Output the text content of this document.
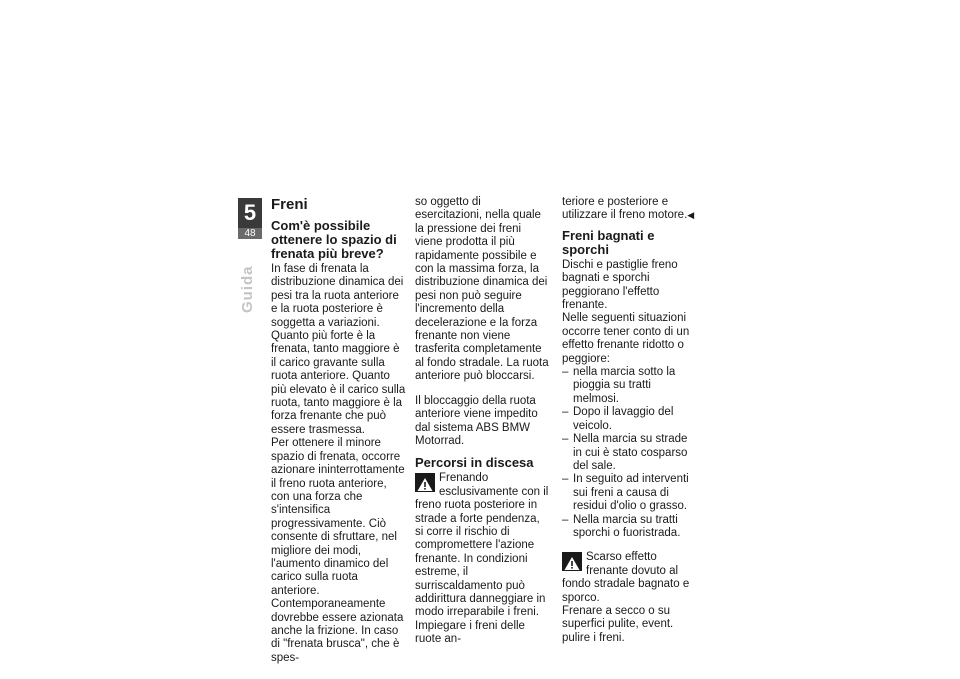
5
48
Guida
Freni
Com'è possibile ottenere lo spazio di frenata più breve?

In fase di frenata la distribuzione dinamica dei pesi tra la ruota anteriore e la ruota posteriore è soggetta a variazioni. Quanto più forte è la frenata, tanto maggiore è il carico gravante sulla ruota anteriore. Quanto più elevato è il carico sulla ruota, tanto maggiore è la forza frenante che può essere trasmessa.

Per ottenere il minore spazio di frenata, occorre azionare ininterrottamente il freno ruota anteriore, con una forza che s'intensifica progressivamente. Ciò consente di sfruttare, nel migliore dei modi, l'aumento dinamico del carico sulla ruota anteriore. Contemporaneamente dovrebbe essere azionata anche la frizione. In caso di "frenata brusca", che è spes-

so oggetto di esercitazioni, nella quale la pressione dei freni viene prodotta il più rapidamente possibile e con la massima forza, la distribuzione dinamica dei pesi non può seguire l'incremento della decelerazione e la forza frenante non viene trasferita completamente al fondo stradale. La ruota anteriore può bloccarsi.

Il bloccaggio della ruota anteriore viene impedito dal sistema ABS BMW Motorrad.

Percorsi in discesa

Frenando esclusivamente con il freno ruota posteriore in strade a forte pendenza, si corre il rischio di compromettere l'azione frenante. In condizioni estreme, il surriscaldamento può addirittura danneggiare in modo irreparabile i freni.

Impiegare i freni delle ruote an-

teriore e posteriore e utilizzare il freno motore.◀

Freni bagnati e sporchi

Dischi e pastiglie freno bagnati e sporchi peggiorano l'effetto frenante.

Nelle seguenti situazioni occorre tener conto di un effetto frenante ridotto o peggiore:

– nella marcia sotto la pioggia su tratti melmosi.
– Dopo il lavaggio del veicolo.
– Nella marcia su strade in cui è stato cosparso del sale.
– In seguito ad interventi sui freni a causa di residui d'olio o grasso.
– Nella marcia su tratti sporchi o fuoristrada.

Scarso effetto frenante dovuto al fondo stradale bagnato e sporco.

Frenare a secco o su superfici pulite, event. pulire i freni.
